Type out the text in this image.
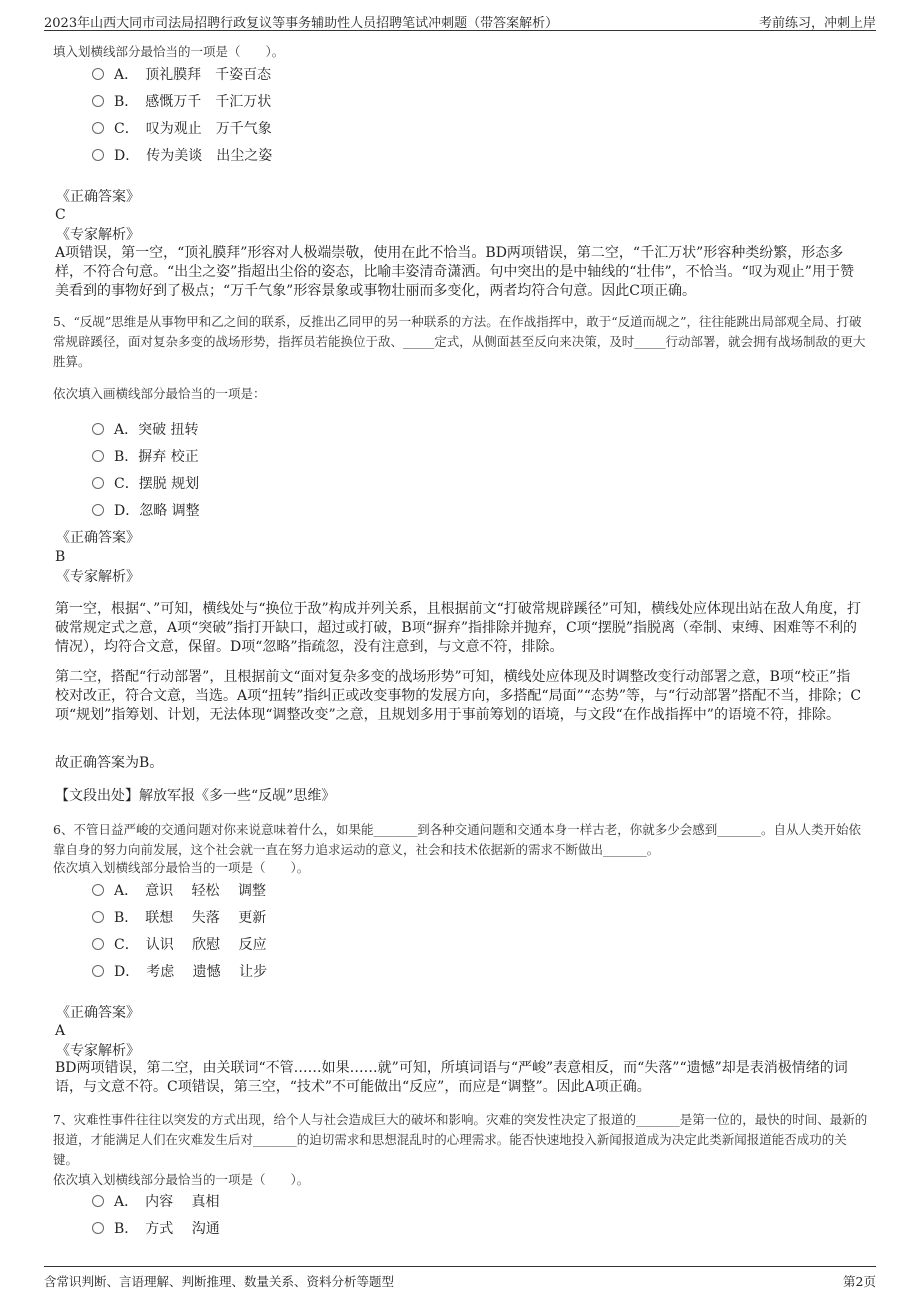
2023年山西大同市司法局招聘行政复议等事务辅助性人员招聘笔试冲刺题（带答案解析）	考前练习，冲刺上岸
填入划横线部分最恰当的一项是（　　）。
A．　顶礼膜拜　千姿百态
B．　感慨万千　千汇万状
C．　叹为观止　万千气象
D．　传为美谈　出尘之姿
《正确答案》
C
《专家解析》
A项错误，第一空，“顶礼膜拜”形容对人极端崇敬，使用在此不恰当。BD两项错误，第二空，“千汇万状”形容种类纷繁，形态多样，不符合句意。“出尘之姿”指超出尘俗的姿态，比喻丰姿清奇潇洒。句中突出的是中轴线的“壮伟”，不恰当。“叹为观止”用于赞美看到的事物好到了极点；“万千气象”形容景象或事物壮丽而多变化，两者均符合句意。因此C项正确。
5、“反觇”思维是从事物甲和乙之间的联系，反推出乙同甲的另一种联系的方法。在作战指挥中，敢于“反道而觇之”，往往能跳出局部观全局、打破常规辟蹊径，面对复杂多变的战场形势，指挥员若能换位于敌、_____定式，从侧面甚至反向来决策，及时_____行动部署，就会拥有战场制敌的更大胜算。
依次填入画横线部分最恰当的一项是：
A．突破 扭转
B．摒弃 校正
C．摆脱 规划
D．忽略 调整
《正确答案》
B
《专家解析》
第一空，根据“、”可知，横线处与“换位于敌”构成并列关系，且根据前文“打破常规辟蹊径”可知，横线处应体现出站在敌人角度，打破常规定式之意，A项“突破”指打开缺口，超过或打破，B项“摒弃”指排除并抛弃，C项“摆脱”指脱离（牵制、束缚、困难等不利的情况），均符合文意，保留。D项“忽略”指疏忽，没有注意到，与文意不符，排除。
第二空，搭配“行动部署”，且根据前文“面对复杂多变的战场形势”可知，横线处应体现及时调整改变行动部署之意，B项“校正”指校对改正，符合文意，当选。A项“扭转”指纠正或改变事物的发展方向，多搭配“局面”“态势”等，与“行动部署”搭配不当，排除；C项“规划”指筹划、计划，无法体现“调整改变”之意，且规划多用于事前筹划的语境，与文段“在作战指挥中”的语境不符，排除。
故正确答案为B。
【文段出处】解放军报《多一些“反觇”思维》
6、不管日益严峻的交通问题对你来说意味着什么，如果能_______到各种交通问题和交通本身一样古老，你就多少会感到_______。自从人类开始依靠自身的努力向前发展，这个社会就一直在努力追求运动的意义，社会和技术依据新的需求不断做出_______。
依次填入划横线部分最恰当的一项是（　　）。
A．　意识　 轻松　 调整
B．　联想　 失落　 更新
C．　认识　 欣慰　 反应
D．　考虑　 遗憾　 让步
《正确答案》
A
《专家解析》
BD两项错误，第二空，由关联词“不管……如果……就”可知，所填词语与“严峻”表意相反，而“失落”“遗憾”却是表消极情绪的词语，与文意不符。C项错误，第三空，“技术”不可能做出“反应”，而应是“调整”。因此A项正确。
7、灾难性事件往往以突发的方式出现，给个人与社会造成巨大的破坏和影响。灾难的突发性决定了报道的_______是第一位的，最快的时间、最新的报道，才能满足人们在灾难发生后对_______的迫切需求和思想混乱时的心理需求。能否快速地投入新闻报道成为决定此类新闻报道能否成功的关键。
依次填入划横线部分最恰当的一项是（　　）。
A．　内容　 真相
B．　方式　 沟通
含常识判断、言语理解、判断推理、数量关系、资料分析等题型	第2页
